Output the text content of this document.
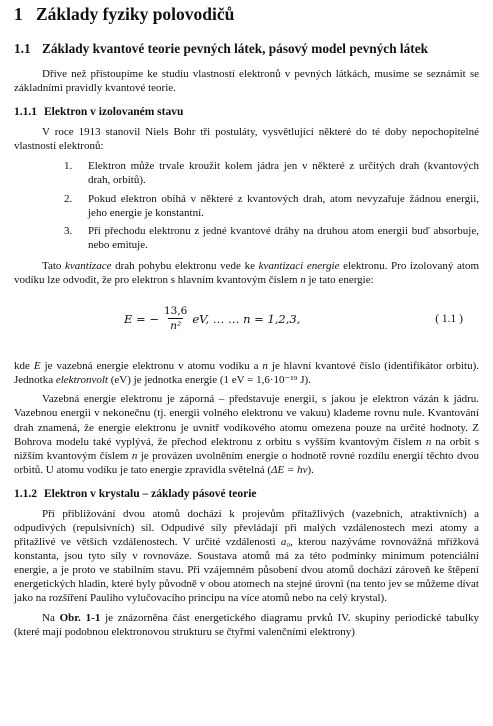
1 Základy fyziky polovodičů
1.1 Základy kvantové teorie pevných látek, pásový model pevných látek

Dříve než přistoupíme ke studiu vlastností elektronů v pevných látkách, musíme se seznámit se základními pravidly kvantové teorie.

1.1.1 Elektron v izolovaném stavu

V roce 1913 stanovil Niels Bohr tři postuláty, vysvětlující některé do té doby nepochopitelné vlastnosti elektronů:

1. Elektron může trvale kroužit kolem jádra jen v některé z určitých drah (kvantových drah, orbitů).
2. Pokud elektron obíhá v některé z kvantových drah, atom nevyzařuje žádnou energii, jeho energie je konstantní.
3. Při přechodu elektronu z jedné kvantové dráhy na druhou atom energii buď absorbuje, nebo emituje.

Tato kvantizace drah pohybu elektronu vede ke kvantizaci energie elektronu. Pro izolovaný atom vodíku lze odvodit, že pro elektron s hlavním kvantovým číslem n je tato energie:

E = − $\frac{13,6}{\text{n²}}$ eV, … … n = 1,2,3,	( 1.1 )

kde E je vazebná energie elektronu v atomu vodíku a n je hlavní kvantové číslo (identifikátor orbitu). Jednotka elektronvolt (eV) je jednotka energie (1 eV = 1,6·10⁻¹⁹ J).

Vazebná energie elektronu je záporná – představuje energii, s jakou je elektron vázán k jádru. Vazebnou energii v nekonečnu (tj. energii volného elektronu ve vakuu) klademe rovnu nule. Kvantování drah znamená, že energie elektronu je uvnitř vodíkového atomu omezena pouze na určité hodnoty. Z Bohrova modelu také vyplývá, že přechod elektronu z orbitu s vyšším kvantovým číslem n na orbit s nižším kvantovým číslem n je provázen uvolněním energie o hodnotě rovné rozdílu energií těchto dvou orbitů. U atomu vodíku je tato energie zpravidla světelná (ΔE = hν).

1.1.2 Elektron v krystalu – základy pásové teorie

Při přibližování dvou atomů dochází k projevům přitažlivých (vazebních, atraktivních) a odpudivých (repulsivních) sil. Odpudivé síly převládají při malých vzdálenostech mezi atomy a přitažlivé ve větších vzdálenostech. V určité vzdálenosti a₀, kterou nazýváme rovnovážná mřížková konstanta, jsou tyto síly v rovnováze. Soustava atomů má za této podmínky minimum potenciální energie, a je proto ve stabilním stavu. Při vzájemném působení dvou atomů dochází zároveň ke štěpení energetických hladin, které byly původně v obou atomech na stejné úrovni (na tento jev se můžeme dívat jako na rozšíření Pauliho vylučovacího principu na více atomů nebo na celý krystal).

Na Obr. 1-1 je znázorněna část energetického diagramu prvků IV. skupiny periodické tabulky (které mají podobnou elektronovou strukturu se čtyřmi valenčními elektrony)
